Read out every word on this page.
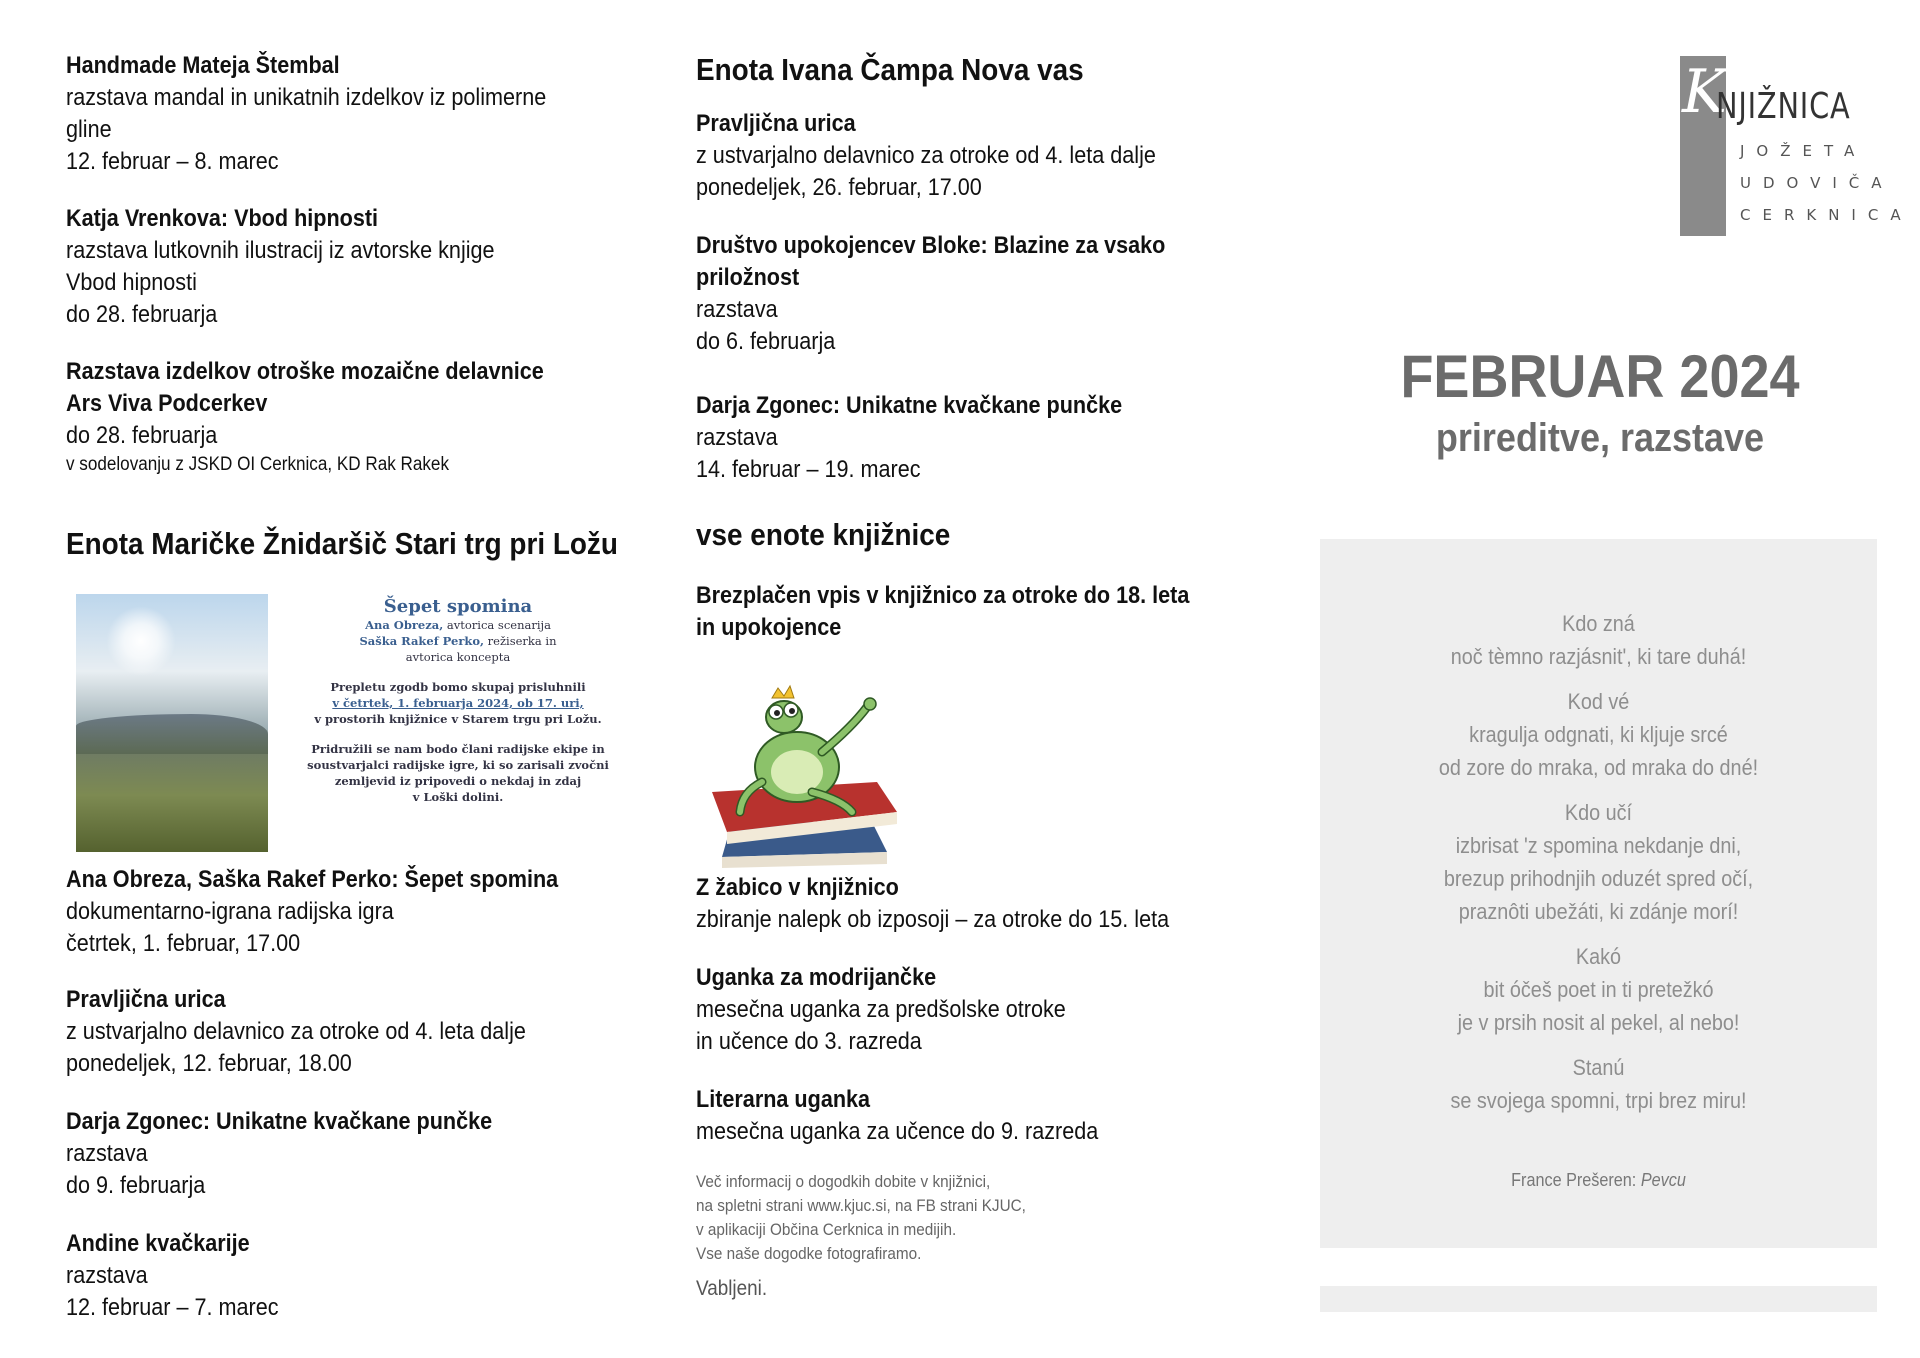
Handmade Mateja Štembal
razstava mandal in unikatnih izdelkov iz polimerne
gline
12. februar – 8. marec
Katja Vrenkova: Vbod hipnosti
razstava lutkovnih ilustracij iz avtorske knjige
Vbod hipnosti
do 28. februarja
Razstava izdelkov otroške mozaične delavnice
Ars Viva Podcerkev
do 28. februarja
v sodelovanju z JSKD OI Cerknica, KD Rak Rakek
Enota Maričke Žnidaršič Stari trg pri Ložu
Šepet spomina
Ana Obreza, avtorica scenarija
Saška Rakef Perko, režiserka in
avtorica koncepta
Prepletu zgodb bomo skupaj prisluhnili
v četrtek, 1. februarja 2024, ob 17. uri,
v prostorih knjižnice v Starem trgu pri Ložu.
Pridružili se nam bodo člani radijske ekipe in
soustvarjalci radijske igre, ki so zarisali zvočni
zemljevid iz pripovedi o nekdaj in zdaj
v Loški dolini.
Ana Obreza, Saška Rakef Perko: Šepet spomina
dokumentarno-igrana radijska igra
četrtek, 1. februar, 17.00
Pravljična urica
z ustvarjalno delavnico za otroke od 4. leta dalje
ponedeljek, 12. februar, 18.00
Darja Zgonec: Unikatne kvačkane punčke
razstava
do 9. februarja
Andine kvačkarije
razstava
12. februar – 7. marec
Enota Ivana Čampa Nova vas
Pravljična urica
z ustvarjalno delavnico za otroke od 4. leta dalje
ponedeljek, 26. februar, 17.00
Društvo upokojencev Bloke: Blazine za vsako
priložnost
razstava
do 6. februarja
Darja Zgonec: Unikatne kvačkane punčke
razstava
14. februar – 19. marec
vse enote knjižnice
Brezplačen vpis v knjižnico za otroke do 18. leta
in upokojence
Z žabico v knjižnico
zbiranje nalepk ob izposoji – za otroke do 15. leta
Uganka za modrijančke
mesečna uganka za predšolske otroke
in učence do 3. razreda
Literarna uganka
mesečna uganka za učence do 9. razreda
Več informacij o dogodkih dobite v knjižnici,
na spletni strani www.kjuc.si, na FB strani KJUC,
v aplikaciji Občina Cerknica in medijih.
Vse naše dogodke fotografiramo.
Vabljeni.
K
NJIŽNICA
JOŽETA
UDOVIČA
CERKNICA
FEBRUAR 2024
prireditve, razstave
Kdo zná
noč tèmno razjásnit', ki tare duhá!
Kod vé
kragulja odgnati, ki kljuje srcé
od zore do mraka, od mraka do dné!
Kdo učí
izbrisat 'z spomina nekdanje dni,
brezup prihodnjih oduzét spred očí,
praznôti ubežáti, ki zdánje morí!
Kakó
bit óčeš poet in ti pretežkó
je v prsih nosit al pekel, al nebo!
Stanú
se svojega spomni, trpi brez miru!
France Prešeren: Pevcu
